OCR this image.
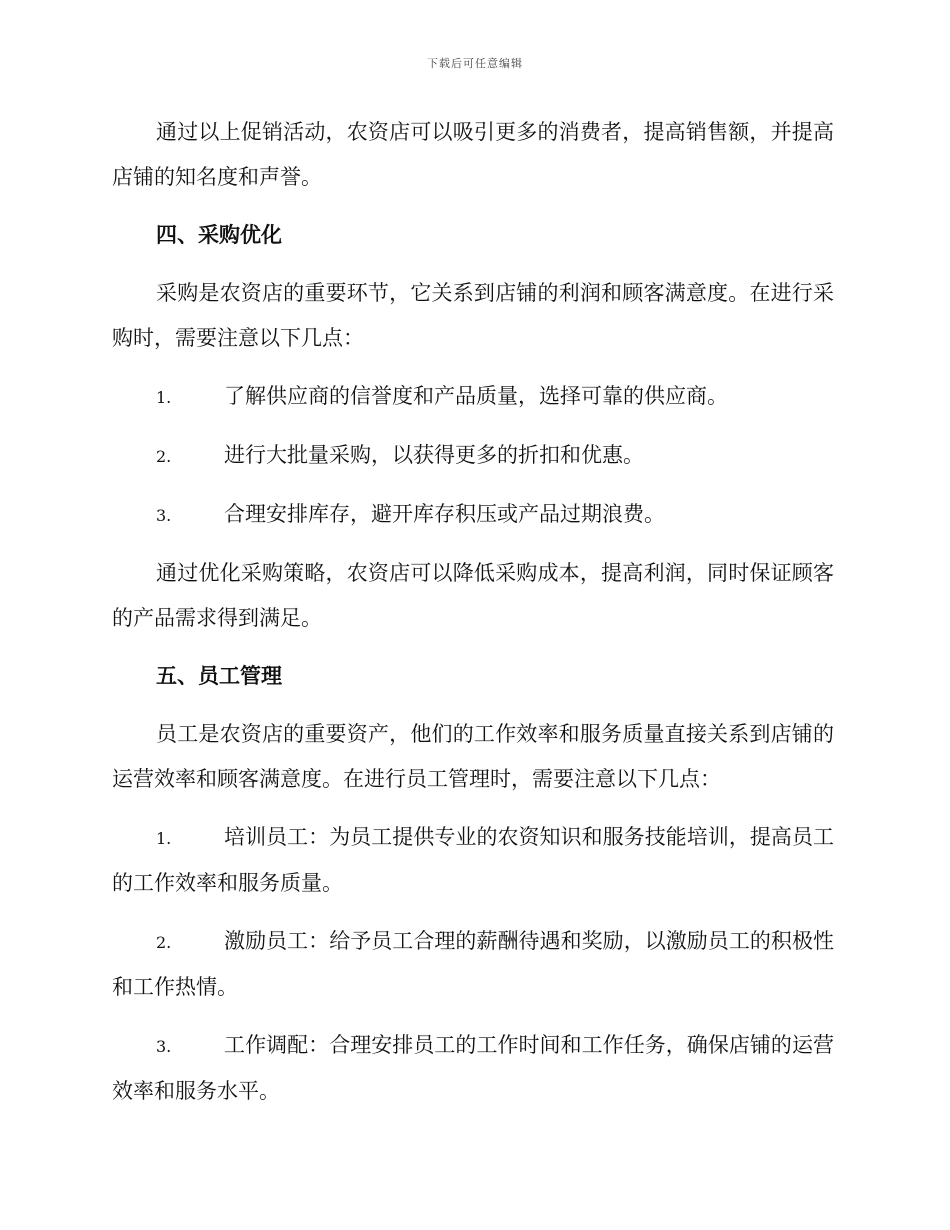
下载后可任意编辑

通过以上促销活动，农资店可以吸引更多的消费者，提高销售额，并提高店铺的知名度和声誉。

四、采购优化

采购是农资店的重要环节，它关系到店铺的利润和顾客满意度。在进行采购时，需要注意以下几点：

1.	了解供应商的信誉度和产品质量，选择可靠的供应商。

2.	进行大批量采购，以获得更多的折扣和优惠。

3.	合理安排库存，避开库存积压或产品过期浪费。

通过优化采购策略，农资店可以降低采购成本，提高利润，同时保证顾客的产品需求得到满足。

五、员工管理

员工是农资店的重要资产，他们的工作效率和服务质量直接关系到店铺的运营效率和顾客满意度。在进行员工管理时，需要注意以下几点：

1.	培训员工：为员工提供专业的农资知识和服务技能培训，提高员工的工作效率和服务质量。

2.	激励员工：给予员工合理的薪酬待遇和奖励，以激励员工的积极性和工作热情。

3.	工作调配：合理安排员工的工作时间和工作任务，确保店铺的运营效率和服务水平。
